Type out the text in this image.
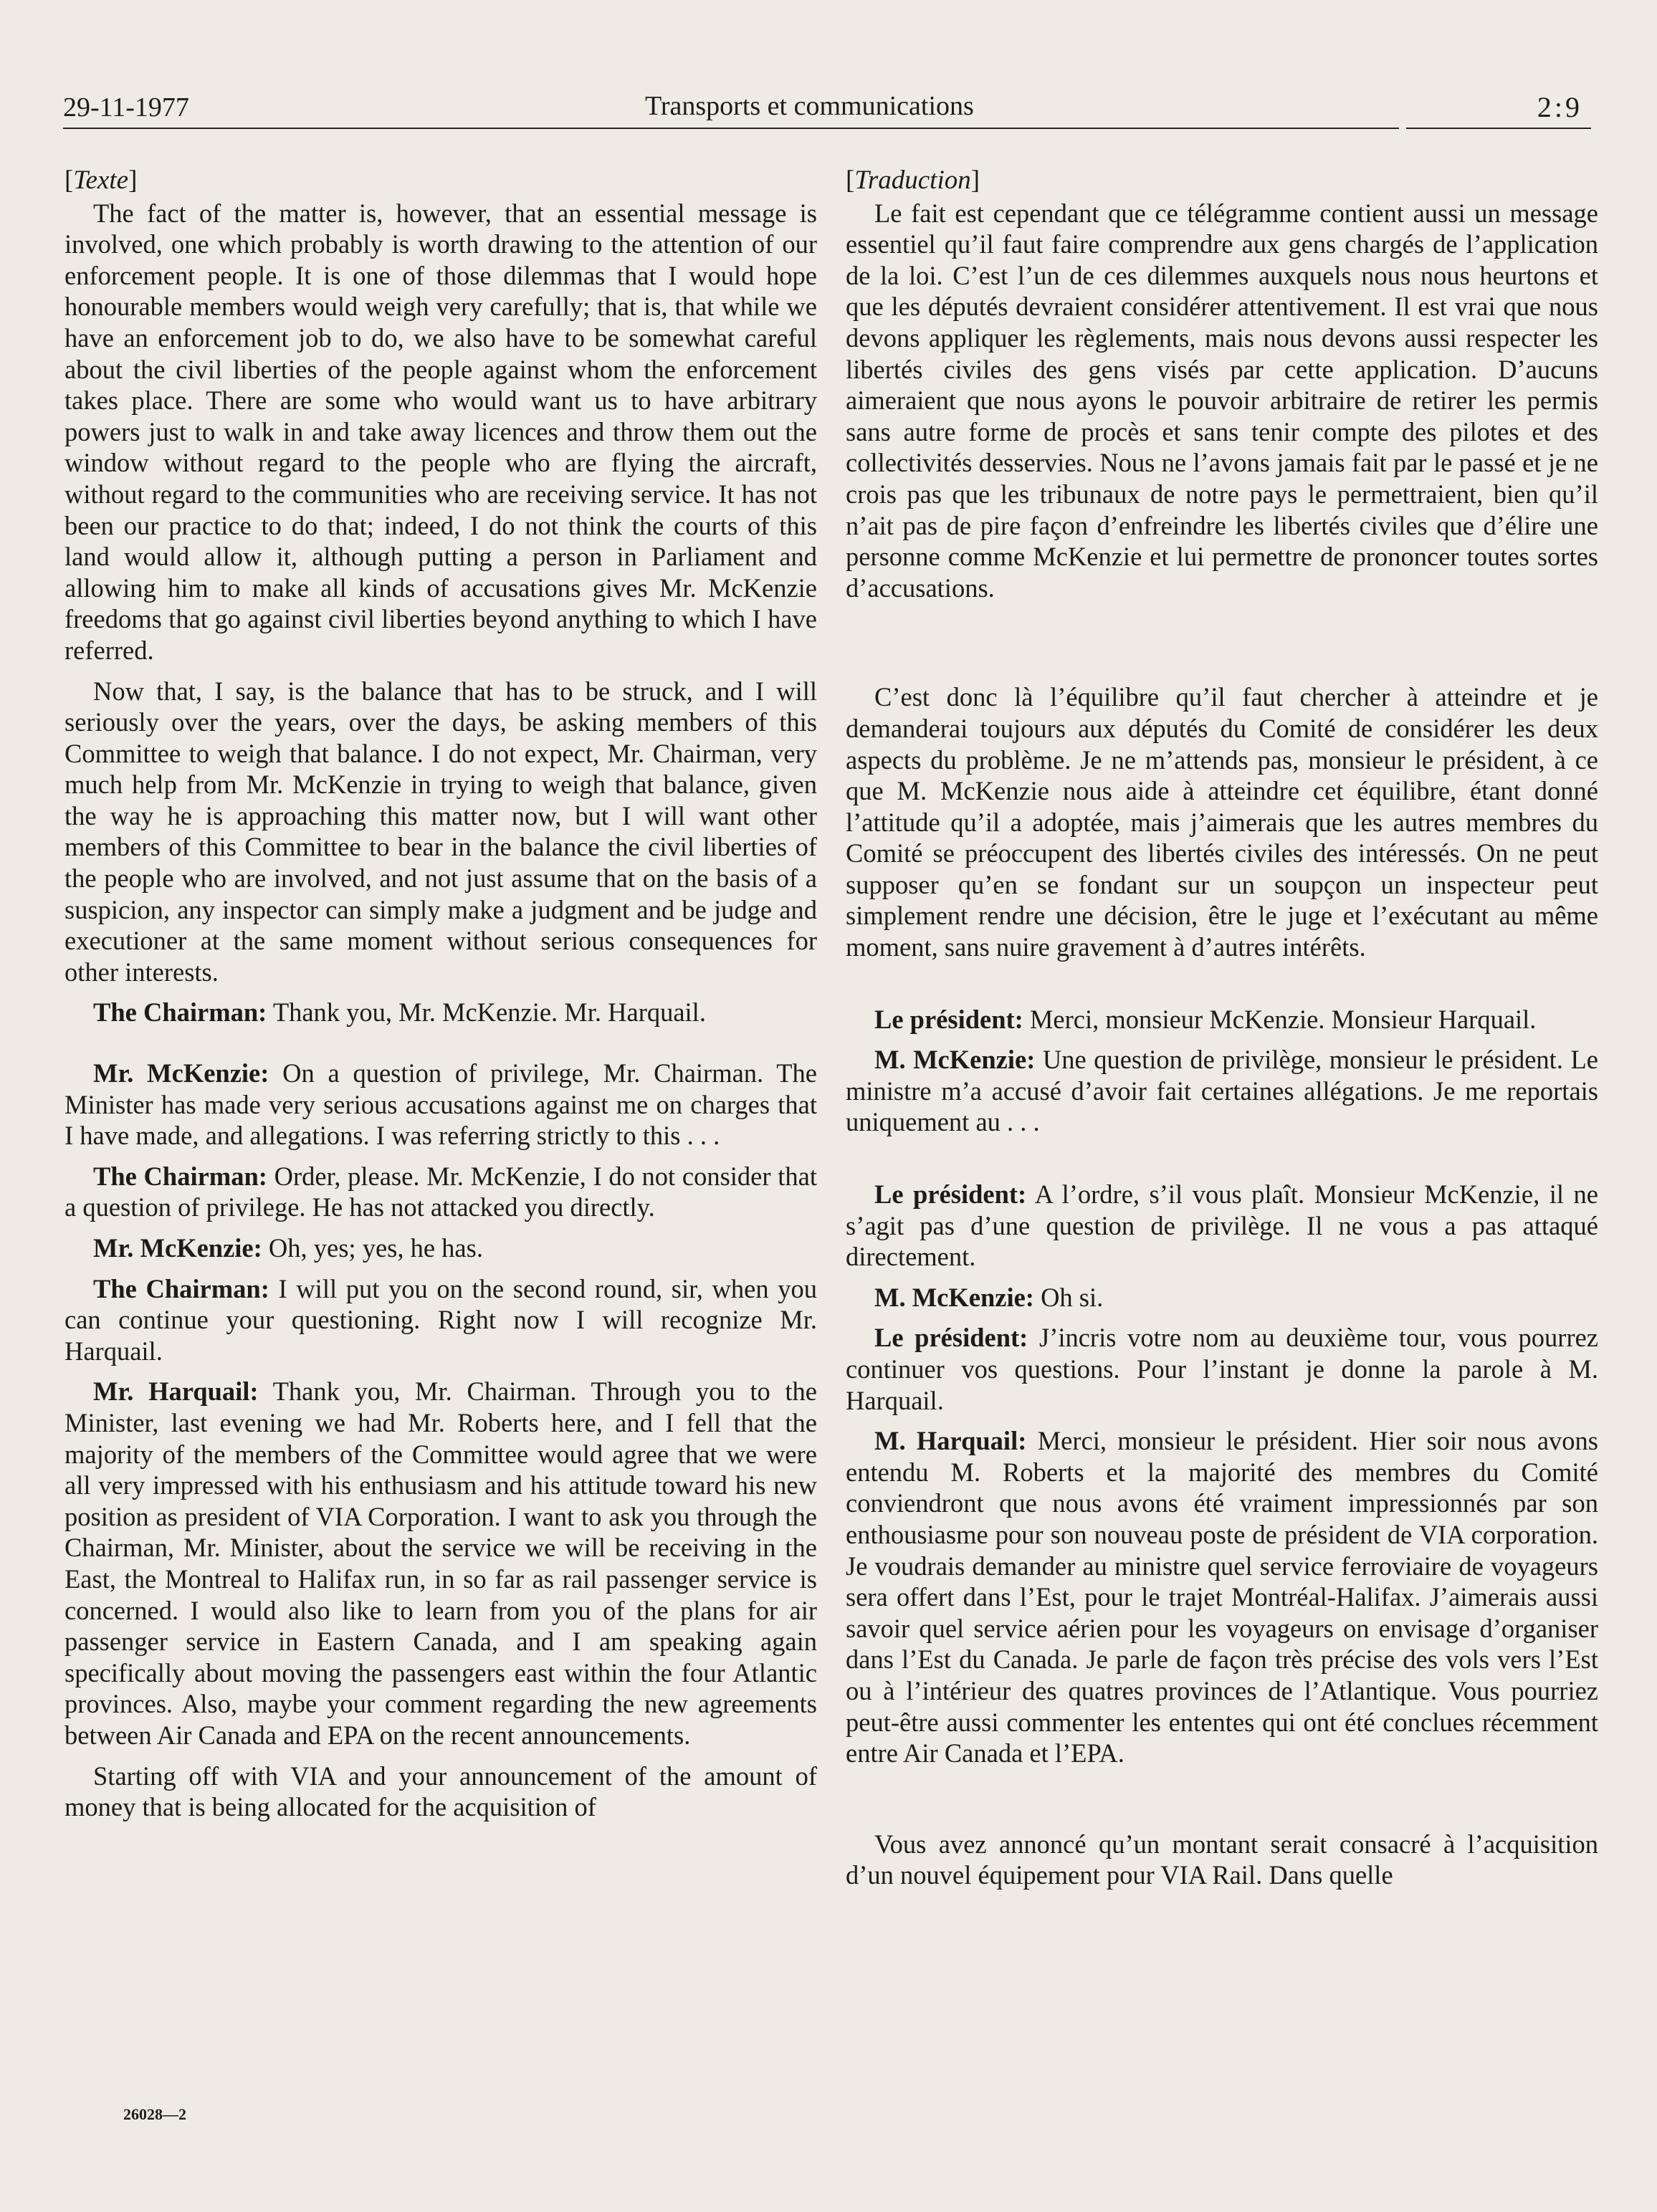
29-11-1977	Transports et communications	2:9
[Texte]

The fact of the matter is, however, that an essential message is involved, one which probably is worth drawing to the attention of our enforcement people. It is one of those dilemmas that I would hope honourable members would weigh very carefully; that is, that while we have an enforcement job to do, we also have to be somewhat careful about the civil liberties of the people against whom the enforcement takes place. There are some who would want us to have arbitrary powers just to walk in and take away licences and throw them out the window without regard to the people who are flying the aircraft, without regard to the communities who are receiving service. It has not been our practice to do that; indeed, I do not think the courts of this land would allow it, although putting a person in Parliament and allowing him to make all kinds of accusations gives Mr. McKenzie freedoms that go against civil liberties beyond anything to which I have referred.

Now that, I say, is the balance that has to be struck, and I will seriously over the years, over the days, be asking members of this Committee to weigh that balance. I do not expect, Mr. Chairman, very much help from Mr. McKenzie in trying to weigh that balance, given the way he is approaching this matter now, but I will want other members of this Committee to bear in the balance the civil liberties of the people who are involved, and not just assume that on the basis of a suspicion, any inspector can simply make a judgment and be judge and executioner at the same moment without serious consequences for other interests.

The Chairman: Thank you, Mr. McKenzie. Mr. Harquail.

Mr. McKenzie: On a question of privilege, Mr. Chairman. The Minister has made very serious accusations against me on charges that I have made, and allegations. I was referring strictly to this . . .

The Chairman: Order, please. Mr. McKenzie, I do not consider that a question of privilege. He has not attacked you directly.

Mr. McKenzie: Oh, yes; yes, he has.

The Chairman: I will put you on the second round, sir, when you can continue your questioning. Right now I will recognize Mr. Harquail.

Mr. Harquail: Thank you, Mr. Chairman. Through you to the Minister, last evening we had Mr. Roberts here, and I fell that the majority of the members of the Committee would agree that we were all very impressed with his enthusiasm and his attitude toward his new position as president of VIA Corporation. I want to ask you through the Chairman, Mr. Minister, about the service we will be receiving in the East, the Montreal to Halifax run, in so far as rail passenger service is concerned. I would also like to learn from you of the plans for air passenger service in Eastern Canada, and I am speaking again specifically about moving the passengers east within the four Atlantic provinces. Also, maybe your comment regarding the new agreements between Air Canada and EPA on the recent announcements.

Starting off with VIA and your announcement of the amount of money that is being allocated for the acquisition of

[Traduction]

Le fait est cependant que ce télégramme contient aussi un message essentiel qu’il faut faire comprendre aux gens chargés de l’application de la loi. C’est l’un de ces dilemmes auxquels nous nous heurtons et que les députés devraient considérer attentivement. Il est vrai que nous devons appliquer les règlements, mais nous devons aussi respecter les libertés civiles des gens visés par cette application. D’aucuns aimeraient que nous ayons le pouvoir arbitraire de retirer les permis sans autre forme de procès et sans tenir compte des pilotes et des collectivités desservies. Nous ne l’avons jamais fait par le passé et je ne crois pas que les tribunaux de notre pays le permettraient, bien qu’il n’ait pas de pire façon d’enfreindre les libertés civiles que d’élire une personne comme McKenzie et lui permettre de prononcer toutes sortes d’accusations.

C’est donc là l’équilibre qu’il faut chercher à atteindre et je demanderai toujours aux députés du Comité de considérer les deux aspects du problème. Je ne m’attends pas, monsieur le président, à ce que M. McKenzie nous aide à atteindre cet équilibre, étant donné l’attitude qu’il a adoptée, mais j’aimerais que les autres membres du Comité se préoccupent des libertés civiles des intéressés. On ne peut supposer qu’en se fondant sur un soupçon un inspecteur peut simplement rendre une décision, être le juge et l’exécutant au même moment, sans nuire gravement à d’autres intérêts.

Le président: Merci, monsieur McKenzie. Monsieur Harquail.

M. McKenzie: Une question de privilège, monsieur le président. Le ministre m’a accusé d’avoir fait certaines allégations. Je me reportais uniquement au . . .

Le président: A l’ordre, s’il vous plaît. Monsieur McKenzie, il ne s’agit pas d’une question de privilège. Il ne vous a pas attaqué directement.

M. McKenzie: Oh si.

Le président: J’incris votre nom au deuxième tour, vous pourrez continuer vos questions. Pour l’instant je donne la parole à M. Harquail.

M. Harquail: Merci, monsieur le président. Hier soir nous avons entendu M. Roberts et la majorité des membres du Comité conviendront que nous avons été vraiment impressionnés par son enthousiasme pour son nouveau poste de président de VIA corporation. Je voudrais demander au ministre quel service ferroviaire de voyageurs sera offert dans l’Est, pour le trajet Montréal-Halifax. J’aimerais aussi savoir quel service aérien pour les voyageurs on envisage d’organiser dans l’Est du Canada. Je parle de façon très précise des vols vers l’Est ou à l’intérieur des quatres provinces de l’Atlantique. Vous pourriez peut-être aussi commenter les ententes qui ont été conclues récemment entre Air Canada et l’EPA.

Vous avez annoncé qu’un montant serait consacré à l’acquisition d’un nouvel équipement pour VIA Rail. Dans quelle

26028—2
